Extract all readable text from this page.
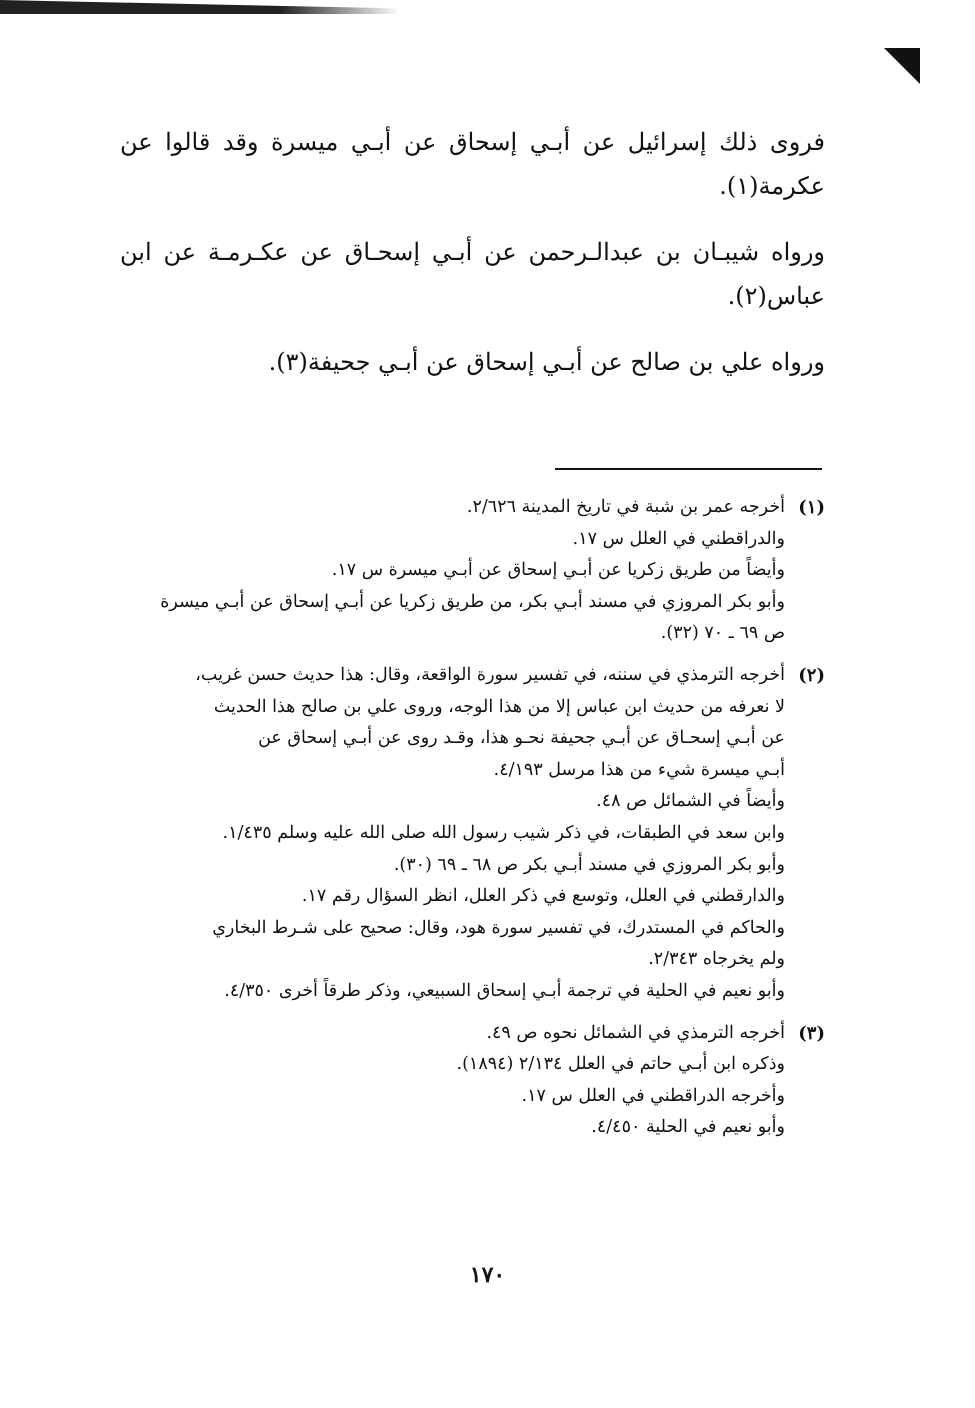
فروى ذلك إسرائيل عن أبـي إسحاق عن أبـي ميسرة وقد قالوا عن عكرمة(١).

ورواه شيبـان بن عبدالـرحمن عن أبـي إسحـاق عن عكـرمـة عن ابن عباس(٢).

ورواه علي بن صالح عن أبـي إسحاق عن أبـي جحيفة(٣).

(١)
أخرجه عمر بن شبة في تاريخ المدينة ٢/٦٢٦.
والدراقطني في العلل س ١٧.
وأيضاً من طريق زكريا عن أبـي إسحاق عن أبـي ميسرة س ١٧.
وأبو بكر المروزي في مسند أبـي بكر، من طريق زكريا عن أبـي إسحاق عن أبـي ميسرة
ص ٦٩ ـ ٧٠ (٣٢).
(٢)
أخرجه الترمذي في سننه، في تفسير سورة الواقعة، وقال: هذا حديث حسن غريب،
لا نعرفه من حديث ابن عباس إلا من هذا الوجه، وروى علي بن صالح هذا الحديث
عن أبـي إسحـاق عن أبـي جحيفة نحـو هذا، وقـد روى عن أبـي إسحاق عن
أبـي ميسرة شيء من هذا مرسل ٤/١٩٣.
وأيضاً في الشمائل ص ٤٨.
وابن سعد في الطبقات، في ذكر شيب رسول الله صلى الله عليه وسلم ١/٤٣٥.
وأبو بكر المروزي في مسند أبـي بكر ص ٦٨ ـ ٦٩ (٣٠).
والدارقطني في العلل، وتوسع في ذكر العلل، انظر السؤال رقم ١٧.
والحاكم في المستدرك، في تفسير سورة هود، وقال: صحيح على شـرط البخاري
ولم يخرجاه ٢/٣٤٣.
وأبو نعيم في الحلية في ترجمة أبـي إسحاق السبيعي، وذكر طرقاً أخرى ٤/٣٥٠.
(٣)
أخرجه الترمذي في الشمائل نحوه ص ٤٩.
وذكره ابن أبـي حاتم في العلل ٢/١٣٤ (١٨٩٤).
وأخرجه الدراقطني في العلل س ١٧.
وأبو نعيم في الحلية ٤/٤٥٠.
١٧٠
